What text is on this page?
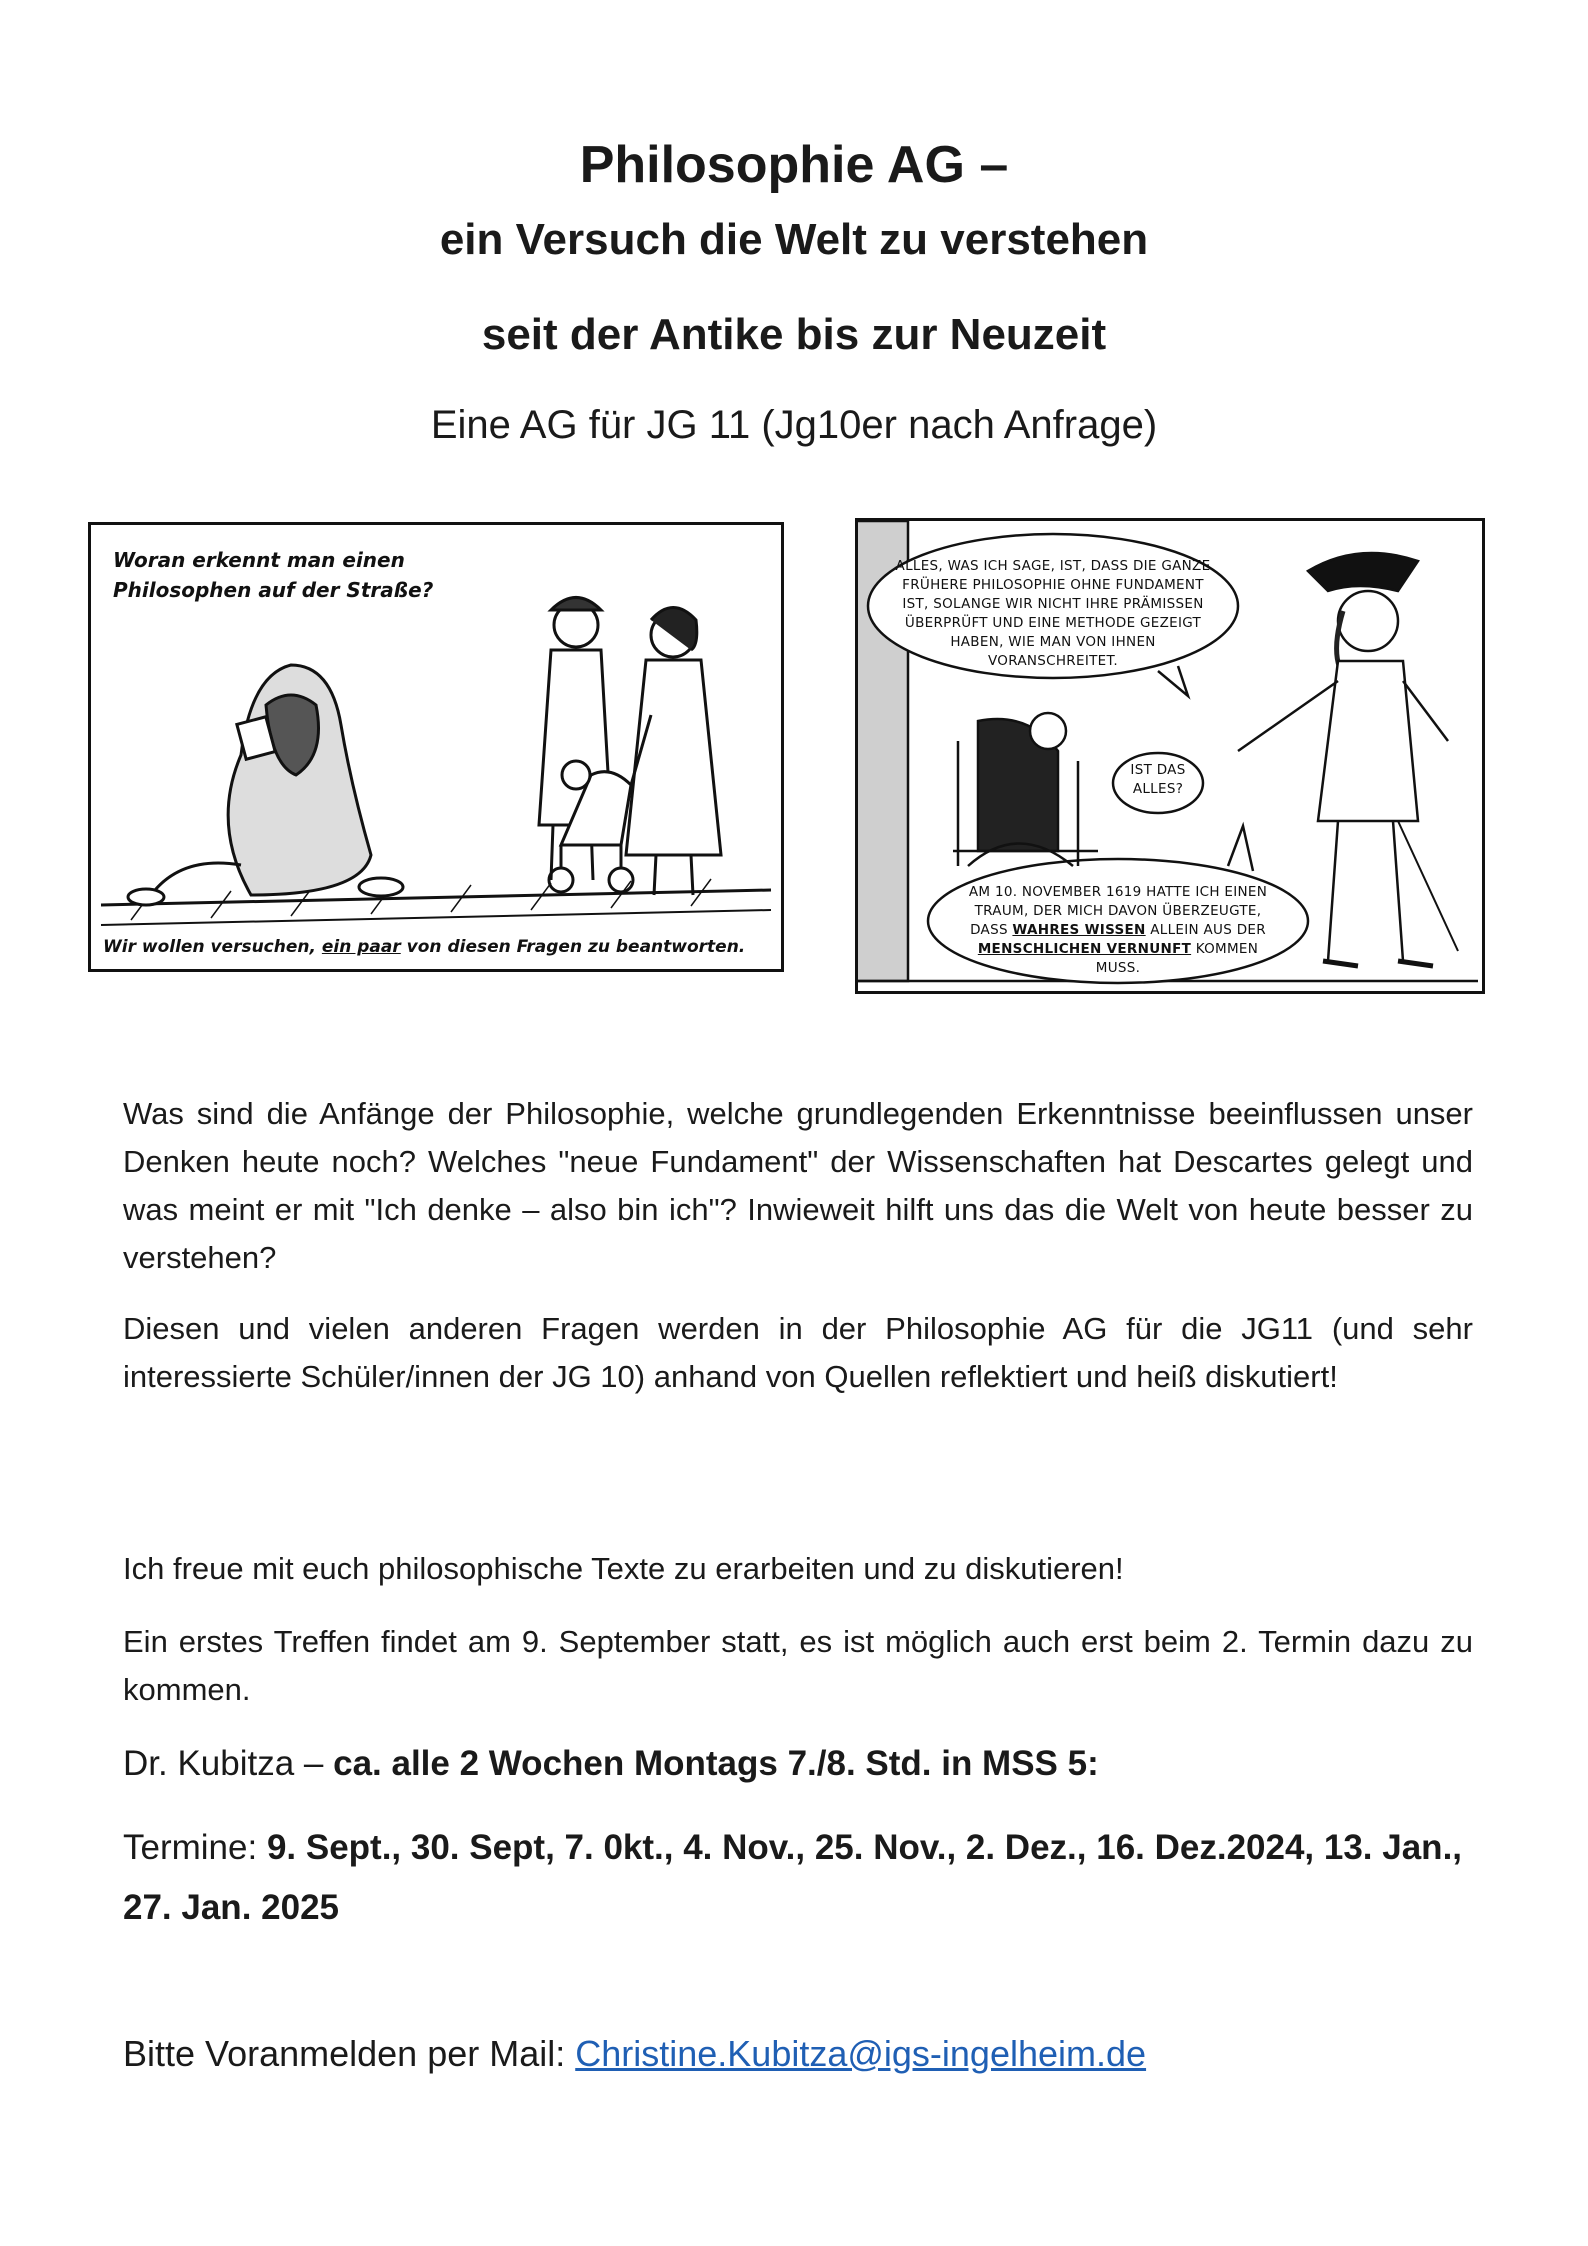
Philosophie AG –
ein Versuch die Welt zu verstehen
seit der Antike bis zur Neuzeit
Eine AG für JG 11 (Jg10er nach Anfrage)
Woran erkennt man einen Philosophen auf der Straße?
Wir wollen versuchen, ein paar von diesen Fragen zu beantworten.
ALLES, WAS ICH SAGE, IST, DASS DIE GANZE FRÜHERE PHILOSOPHIE OHNE FUNDAMENT IST, SOLANGE WIR NICHT IHRE PRÄMISSEN ÜBERPRÜFT UND EINE METHODE GEZEIGT HABEN, WIE MAN VON IHNEN VORANSCHREITET.
IST DAS ALLES?
AM 10. NOVEMBER 1619 HATTE ICH EINEN TRAUM, DER MICH DAVON ÜBERZEUGTE, DASS WAHRES WISSEN ALLEIN AUS DER MENSCHLICHEN VERNUNFT KOMMEN MUSS.

Was sind die Anfänge der Philosophie, welche grundlegenden Erkenntnisse beeinflussen unser Denken heute noch? Welches "neue Fundament" der Wissenschaften hat Descartes gelegt und was meint er mit "Ich denke – also bin ich"? Inwieweit hilft uns das die Welt von heute besser zu verstehen?

Diesen und vielen anderen Fragen werden in der Philosophie AG für die JG11 (und sehr interessierte Schüler/innen der JG 10) anhand von Quellen reflektiert und heiß diskutiert!

Ich freue mit euch philosophische Texte zu erarbeiten und zu diskutieren!

Ein erstes Treffen findet am 9. September statt, es ist möglich auch erst beim 2. Termin dazu zu kommen.

Dr. Kubitza – ca. alle 2 Wochen Montags 7./8. Std. in MSS 5:

Termine: 9. Sept., 30. Sept, 7. 0kt., 4. Nov., 25. Nov., 2. Dez., 16. Dez.2024, 13. Jan., 27. Jan. 2025

Bitte Voranmelden per Mail: Christine.Kubitza@igs-ingelheim.de
